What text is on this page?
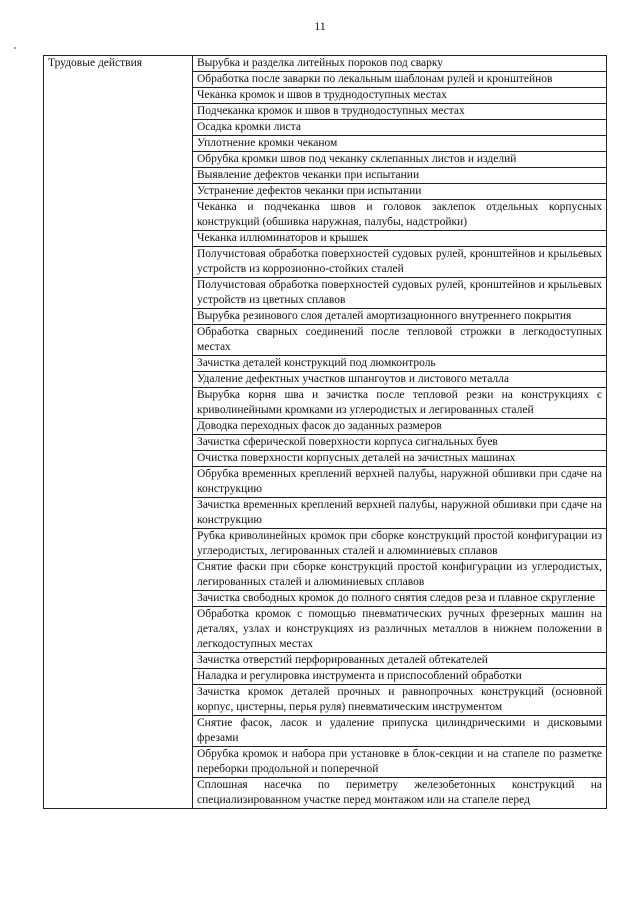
11
Трудовые действия	Вырубка и разделка литейных пороков под сварку
Обработка после заварки по лекальным шаблонам рулей и кронштейнов
Чеканка кромок и швов в труднодоступных местах
Подчеканка кромок и швов в труднодоступных местах
Осадка кромки листа
Уплотнение кромки чеканом
Обрубка кромки швов под чеканку склепанных листов и изделий
Выявление дефектов чеканки при испытании
Устранение дефектов чеканки при испытании
Чеканка и подчеканка швов и головок заклепок отдельных корпусных конструкций (обшивка наружная, палубы, надстройки)
Чеканка иллюминаторов и крышек
Получистовая обработка поверхностей судовых рулей, кронштейнов и крыльевых устройств из коррозионно-стойких сталей
Получистовая обработка поверхностей судовых рулей, кронштейнов и крыльевых устройств из цветных сплавов
Вырубка резинового слоя деталей амортизационного внутреннего покрытия
Обработка сварных соединений после тепловой строжки в легкодоступных местах
Зачистка деталей конструкций под люмконтроль
Удаление дефектных участков шпангоутов и листового металла
Вырубка корня шва и зачистка после тепловой резки на конструкциях с криволинейными кромками из углеродистых и легированных сталей
Доводка переходных фасок до заданных размеров
Зачистка сферической поверхности корпуса сигнальных буев
Очистка поверхности корпусных деталей на зачистных машинах
Обрубка временных креплений верхней палубы, наружной обшивки при сдаче на конструкцию
Зачистка временных креплений верхней палубы, наружной обшивки при сдаче на конструкцию
Рубка криволинейных кромок при сборке конструкций простой конфигурации из углеродистых, легированных сталей и алюминиевых сплавов
Снятие фаски при сборке конструкций простой конфигурации из углеродистых, легированных сталей и алюминиевых сплавов
Зачистка свободных кромок до полного снятия следов реза и плавное скругление
Обработка кромок с помощью пневматических ручных фрезерных машин на деталях, узлах и конструкциях из различных металлов в нижнем положении в легкодоступных местах
Зачистка отверстий перфорированных деталей обтекателей
Наладка и регулировка инструмента и приспособлений обработки
Зачистка кромок деталей прочных и равнопрочных конструкций (основной корпус, цистерны, перья руля) пневматическим инструментом
Снятие фасок, ласок и удаление припуска цилиндрическими и дисковыми фрезами
Обрубка кромок и набора при установке в блок-секции и на стапеле по разметке переборки продольной и поперечной
Сплошная насечка по периметру железобетонных конструкций на специализированном участке перед монтажом или на стапеле перед
